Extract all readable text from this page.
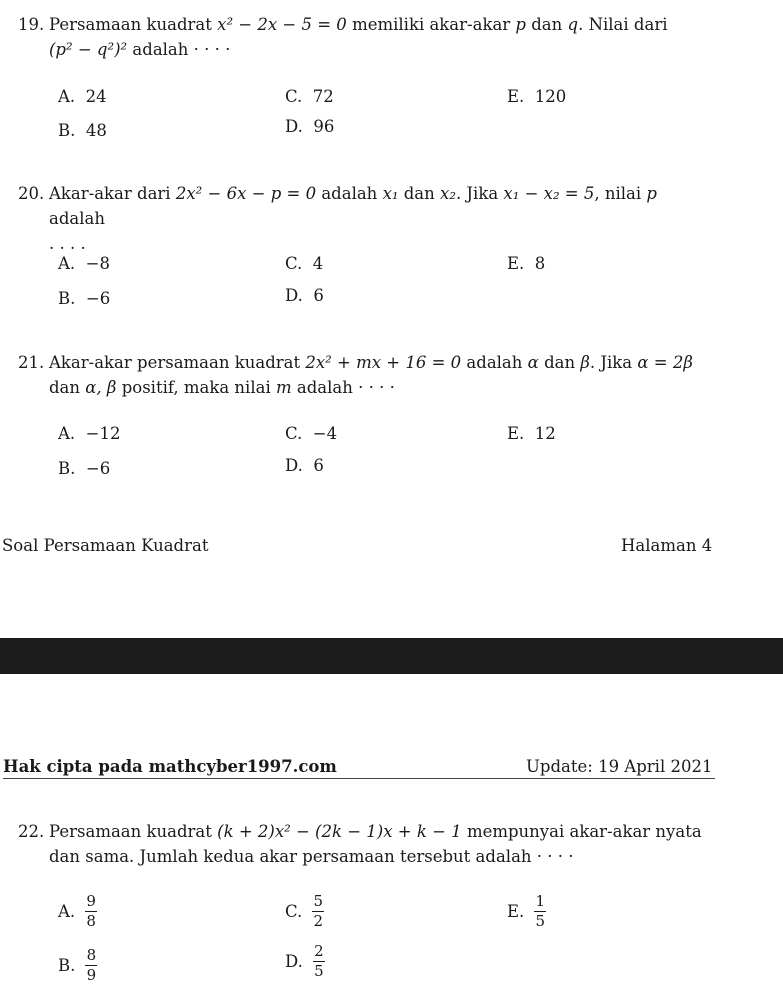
19. Persamaan kuadrat x² − 2x − 5 = 0 memiliki akar-akar p dan q. Nilai dari
(p² − q²)² adalah · · · ·
A.  24	C.  72	E.  120
B.  48	D.  96
20. Akar-akar dari 2x² − 6x − p = 0 adalah x₁ dan x₂. Jika x₁ − x₂ = 5, nilai p adalah
. . . .
A.  −8	C.  4	E.  8
B.  −6	D.  6
21. Akar-akar persamaan kuadrat 2x² + mx + 16 = 0 adalah α dan β. Jika α = 2β
dan α, β positif, maka nilai m adalah · · · ·
A.  −12	C.  −4	E.  12
B.  −6	D.  6
Soal Persamaan Kuadrat	Halaman 4
Hak cipta pada mathcyber1997.com	Update: 19 April 2021
22. Persamaan kuadrat (k + 2)x² − (2k − 1)x + k − 1 mempunyai akar-akar nyata
dan sama. Jumlah kedua akar persamaan tersebut adalah · · · ·
A. $\frac{9}{8}$	C. $\frac{5}{2}$	E. $\frac{1}{5}$
B. $\frac{8}{9}$	D. $\frac{2}{5}$
